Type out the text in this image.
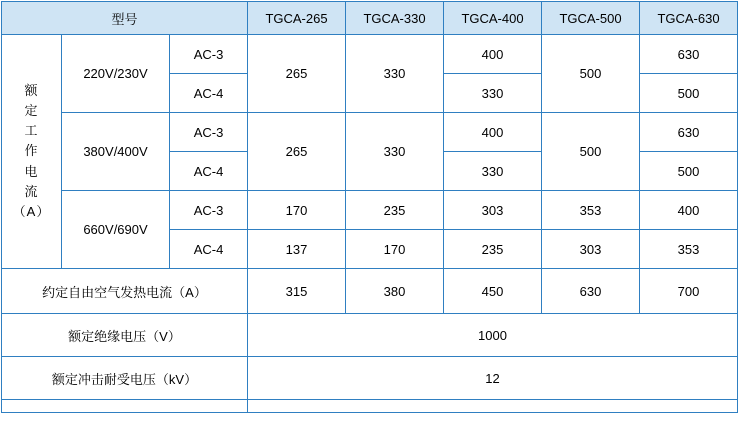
型号			TGCA-265	TGCA-330	TGCA-400	TGCA-500	TGCA-630

额
定
工
作
电
流
（A）
	220V/230V	AC-3	265	330	400	500	630
		AC-4			330		500
	380V/400V	AC-3	265	330	400	500	630
		AC-4			330		500
	660V/690V	AC-3	170	235	303	353	400
		AC-4	137	170	235	303	353
约定自由空气发热电流（A）			315	380	450	630	700
额定绝缘电压（V）			1000				
额定冲击耐受电压（kV）			12				
